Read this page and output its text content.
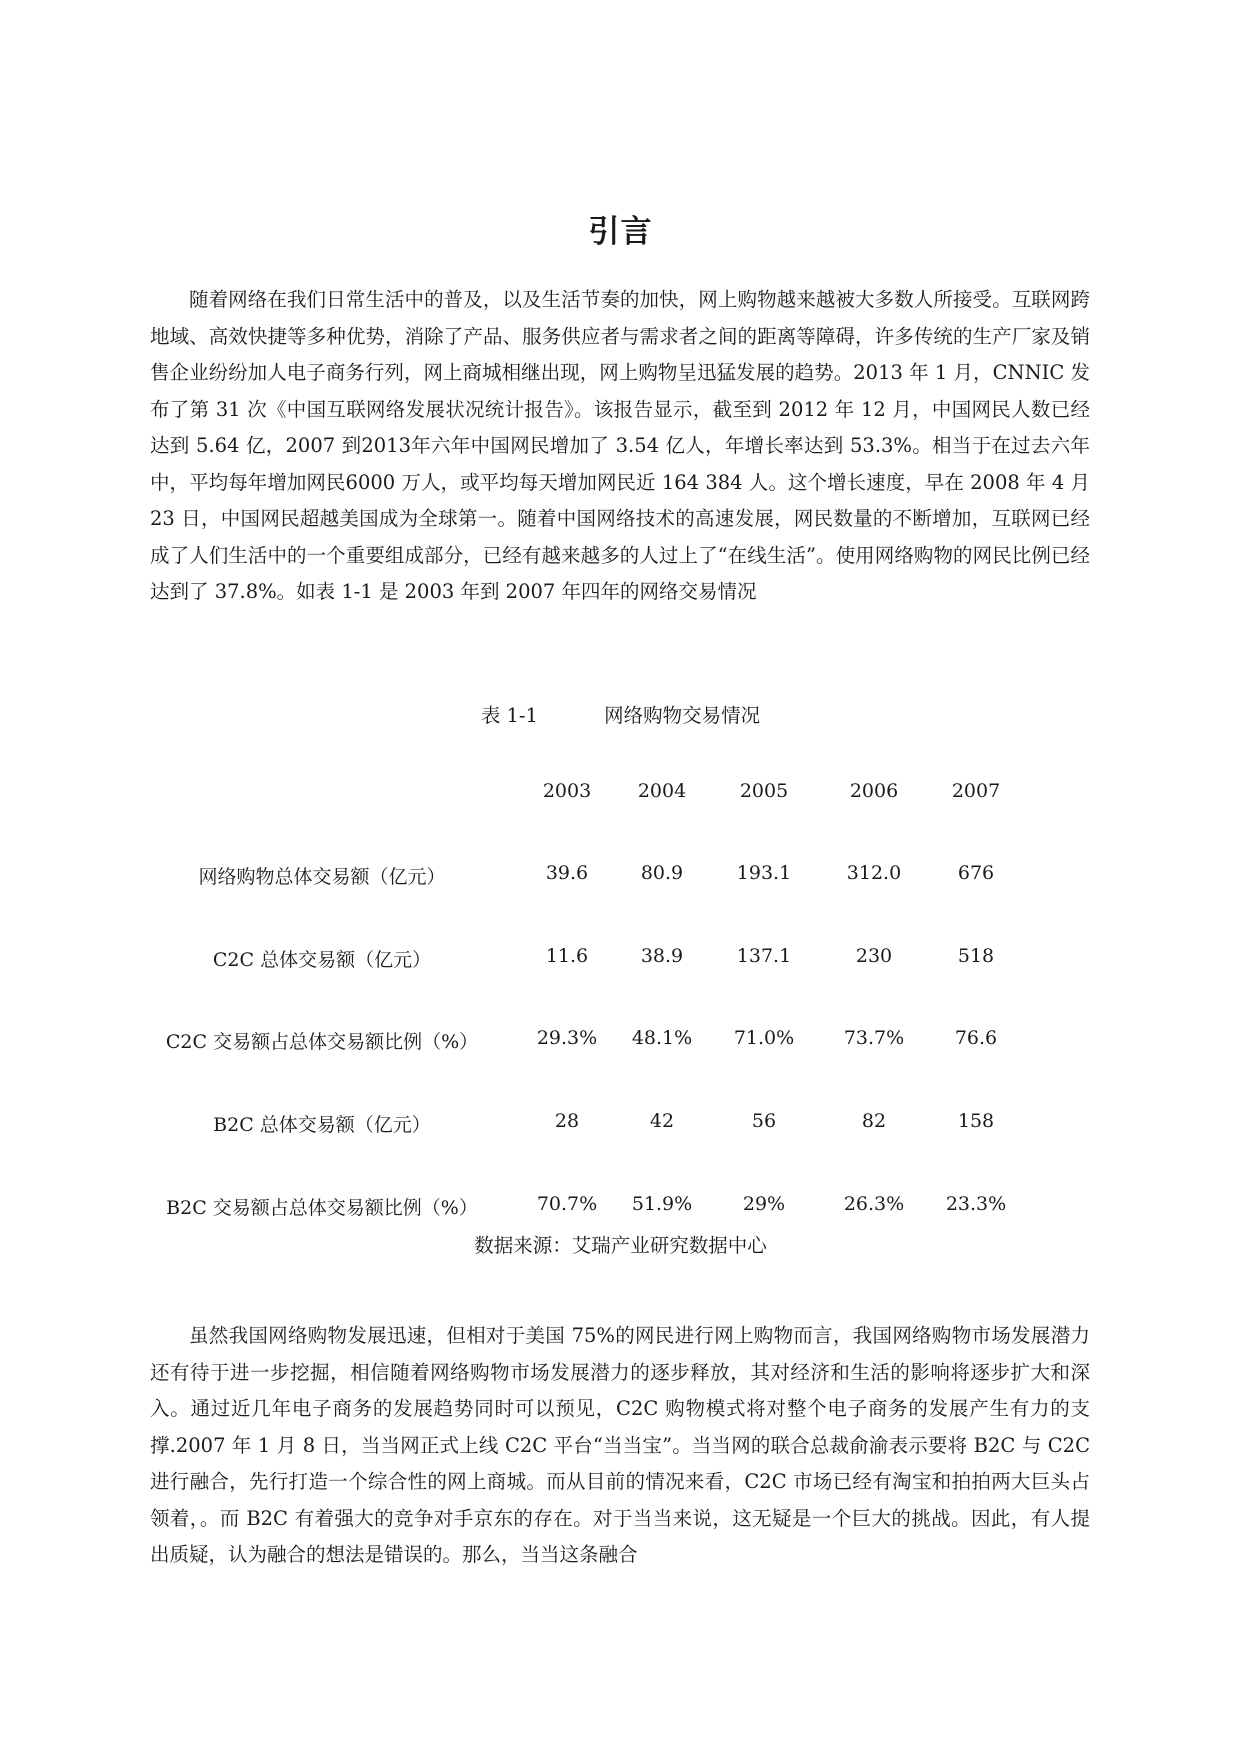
引言

随着网络在我们日常生活中的普及，以及生活节奏的加快，网上购物越来越被大多数人所接受。互联网跨地域、高效快捷等多种优势，消除了产品、服务供应者与需求者之间的距离等障碍，许多传统的生产厂家及销售企业纷纷加人电子商务行列，网上商城相继出现，网上购物呈迅猛发展的趋势。2013 年 1 月，CNNIC 发布了第 31 次《中国互联网络发展状况统计报告》。该报告显示，截至到 2012 年 12 月，中国网民人数已经达到 5.64 亿，2007 到2013年六年中国网民增加了 3.54 亿人，年增长率达到 53.3%。相当于在过去六年中，平均每年增加网民6000 万人，或平均每天增加网民近 164 384 人。这个增长速度，早在 2008 年 4 月 23 日，中国网民超越美国成为全球第一。随着中国网络技术的高速发展，网民数量的不断增加，互联网已经成了人们生活中的一个重要组成部分，已经有越来越多的人过上了“在线生活”。使用网络购物的网民比例已经达到了 37.8%。如表 1-1 是 2003 年到 2007 年四年的网络交易情况

表 1-1	网络购物交易情况
2003 2004	2005	2006	2007
网络购物总体交易额（亿元）	39.6	80.9	193.1	312.0	676
C2C 总体交易额（亿元）	11.6	38.9	137.1	230	518
C2C 交易额占总体交易额比例（%）	29.3% 48.1% 71.0%	73.7%	76.6
B2C 总体交易额（亿元）	28	42	56	82	158
B2C 交易额占总体交易额比例（%）	70.7% 51.9%	29%	26.3% 23.3%
数据来源：艾瑞产业研究数据中心

虽然我国网络购物发展迅速，但相对于美国 75%的网民进行网上购物而言，我国网络购物市场发展潜力还有待于进一步挖掘，相信随着网络购物市场发展潜力的逐步释放，其对经济和生活的影响将逐步扩大和深入。通过近几年电子商务的发展趋势同时可以预见，C2C 购物模式将对整个电子商务的发展产生有力的支撑.2007 年 1 月 8 日，当当网正式上线 C2C 平台“当当宝”。当当网的联合总裁俞渝表示要将 B2C 与 C2C 进行融合，先行打造一个综合性的网上商城。而从目前的情况来看，C2C 市场已经有淘宝和拍拍两大巨头占领着，。而 B2C 有着强大的竞争对手京东的存在。对于当当来说，这无疑是一个巨大的挑战。因此，有人提出质疑，认为融合的想法是错误的。那么，当当这条融合
